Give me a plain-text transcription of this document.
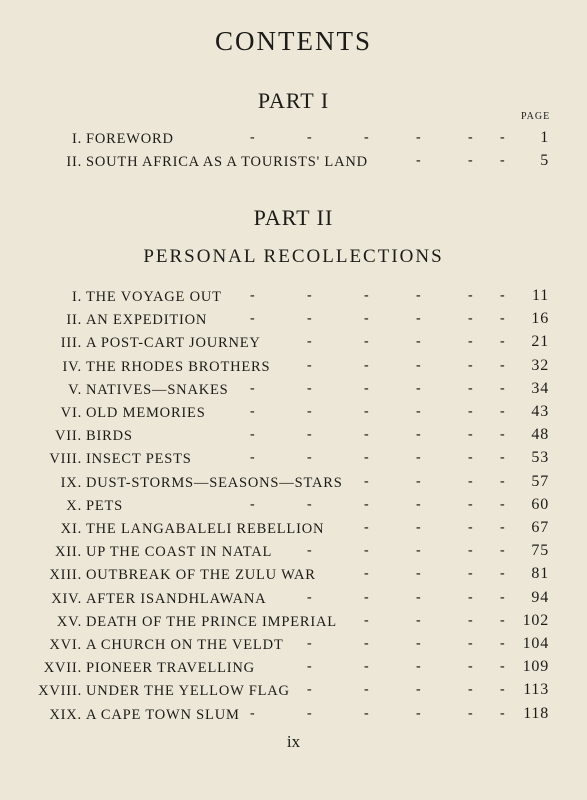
CONTENTS
PART I
PAGE
I. FOREWORD	-	-	-	-	- - 1
II. SOUTH AFRICA AS A TOURISTS' LAND	-	- - 5
PART II
PERSONAL RECOLLECTIONS
I. THE VOYAGE OUT -	-	-	-	- - 11
II. AN EXPEDITION	-	-	-	-	- - 16
III. A POST-CART JOURNEY	-	-	-	- - 21
IV. THE RHODES BROTHERS	-	-	-	- - 32
V. NATIVES—SNAKES -	-	-	-	- - 34
VI. OLD MEMORIES	-	-	-	-	- - 43
VII. BIRDS	-	-	-	-	- - 48
VIII. INSECT PESTS	-	-	-	-	- - 53
IX. DUST-STORMS—SEASONS—STARS -	-	- - 57
X. PETS	-	-	-	-	- - 60
XI. THE LANGABALELI REBELLION	-	-	- - 67
XII. UP THE COAST IN NATAL -	-	-	- - 75
XIII. OUTBREAK OF THE ZULU WAR	-	-	- - 81
XIV. AFTER ISANDHLAWANA	-	-	-	- - 94
XV. DEATH OF THE PRINCE IMPERIAL -	-	- - 102
XVI. A CHURCH ON THE VELDT -	-	-	- - 104
XVII. PIONEER TRAVELLING	-	-	-	- - 109
XVIII. UNDER THE YELLOW FLAG -	-	-	- - 113
XIX. A CAPE TOWN SLUM -	-	-	-	- - 118
ix
